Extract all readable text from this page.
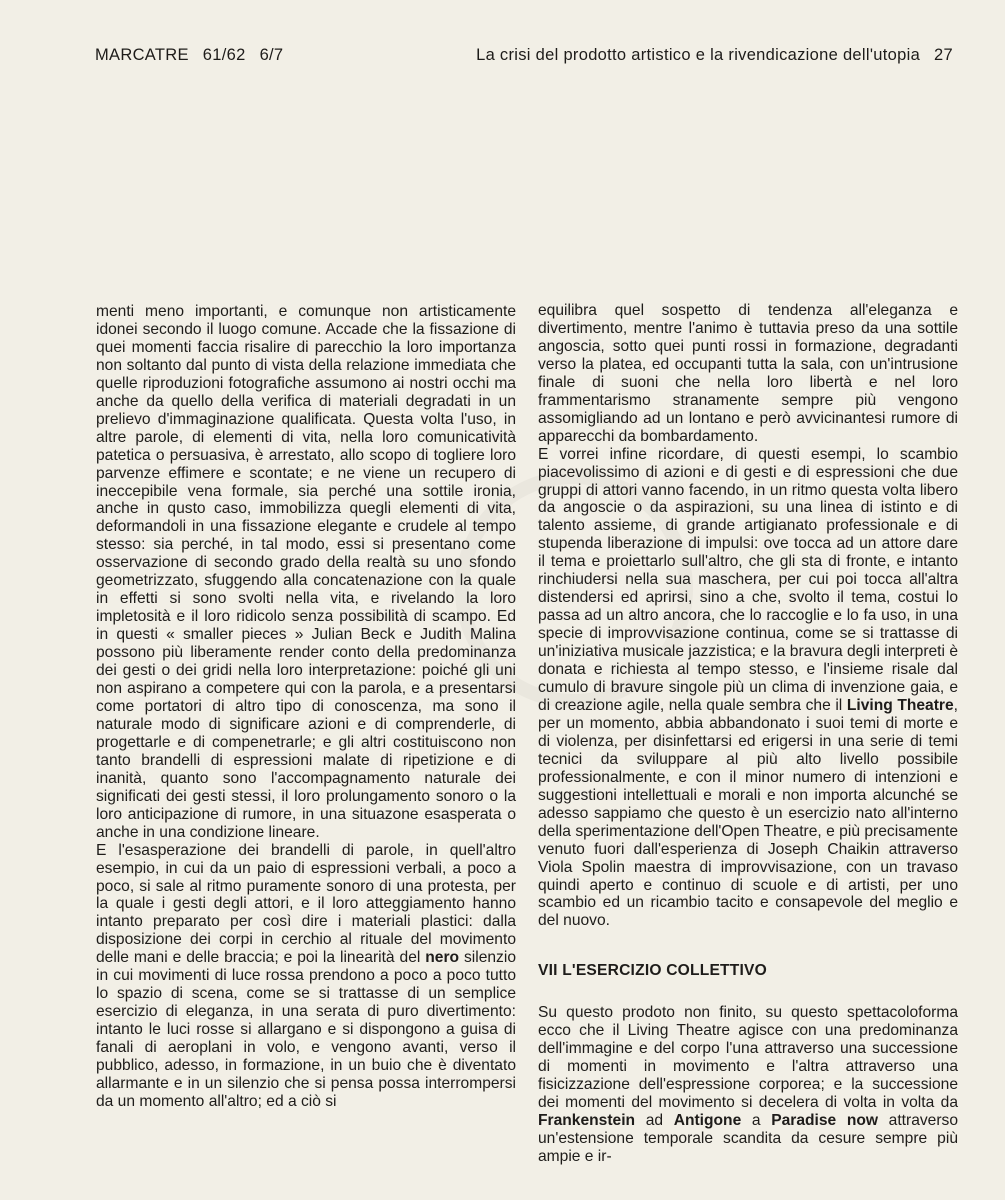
MARCATRE 61/62 6/7	La crisi del prodotto artistico e la rivendicazione dell'utopia 27

menti meno importanti, e comunque non artisticamente idonei secondo il luogo comune. Accade che la fissazione di quei momenti faccia risalire di parecchio la loro importanza non soltanto dal punto di vista della relazione immediata che quelle riproduzioni fotografiche assumono ai nostri occhi ma anche da quello della verifica di materiali degradati in un prelievo d'immaginazione qualificata. Questa volta l'uso, in altre parole, di elementi di vita, nella loro comunicatività patetica o persuasiva, è arrestato, allo scopo di togliere loro parvenze effimere e scontate; e ne viene un recupero di ineccepibile vena formale, sia perché una sottile ironia, anche in qusto caso, immobilizza quegli elementi di vita, deformandoli in una fissazione elegante e crudele al tempo stesso: sia perché, in tal modo, essi si presentano come osservazione di secondo grado della realtà su uno sfondo geometrizzato, sfuggendo alla concatenazione con la quale in effetti si sono svolti nella vita, e rivelando la loro impletosità e il loro ridicolo senza possibilità di scampo. Ed in questi « smaller pieces » Julian Beck e Judith Malina possono più liberamente render conto della predominanza dei gesti o dei gridi nella loro interpretazione: poiché gli uni non aspirano a competere qui con la parola, e a presentarsi come portatori di altro tipo di conoscenza, ma sono il naturale modo di significare azioni e di comprenderle, di progettarle e di compenetrarle; e gli altri costituiscono non tanto brandelli di espressioni malate di ripetizione e di inanità, quanto sono l'accompagnamento naturale dei significati dei gesti stessi, il loro prolungamento sonoro o la loro anticipazione di rumore, in una situazone esasperata o anche in una condizione lineare.

E l'esasperazione dei brandelli di parole, in quell'altro esempio, in cui da un paio di espressioni verbali, a poco a poco, si sale al ritmo puramente sonoro di una protesta, per la quale i gesti degli attori, e il loro atteggiamento hanno intanto preparato per così dire i materiali plastici: dalla disposizione dei corpi in cerchio al rituale del movimento delle mani e delle braccia; e poi la linearità del nero silenzio in cui movimenti di luce rossa prendono a poco a poco tutto lo spazio di scena, come se si trattasse di un semplice esercizio di eleganza, in una serata di puro divertimento: intanto le luci rosse si allargano e si dispongono a guisa di fanali di aeroplani in volo, e vengono avanti, verso il pubblico, adesso, in formazione, in un buio che è diventato allarmante e in un silenzio che si pensa possa interrompersi da un momento all'altro; ed a ciò si

equilibra quel sospetto di tendenza all'eleganza e divertimento, mentre l'animo è tuttavia preso da una sottile angoscia, sotto quei punti rossi in formazione, degradanti verso la platea, ed occupanti tutta la sala, con un'intrusione finale di suoni che nella loro libertà e nel loro frammentarismo stranamente sempre più vengono assomigliando ad un lontano e però avvicinantesi rumore di apparecchi da bombardamento.

E vorrei infine ricordare, di questi esempi, lo scambio piacevolissimo di azioni e di gesti e di espressioni che due gruppi di attori vanno facendo, in un ritmo questa volta libero da angoscie o da aspirazioni, su una linea di istinto e di talento assieme, di grande artigianato professionale e di stupenda liberazione di impulsi: ove tocca ad un attore dare il tema e proiettarlo sull'altro, che gli sta di fronte, e intanto rinchiudersi nella sua maschera, per cui poi tocca all'altra distendersi ed aprirsi, sino a che, svolto il tema, costui lo passa ad un altro ancora, che lo raccoglie e lo fa uso, in una specie di improvvisazione continua, come se si trattasse di un'iniziativa musicale jazzistica; e la bravura degli interpreti è donata e richiesta al tempo stesso, e l'insieme risale dal cumulo di bravure singole più un clima di invenzione gaia, e di creazione agile, nella quale sembra che il Living Theatre, per un momento, abbia abbandonato i suoi temi di morte e di violenza, per disinfettarsi ed erigersi in una serie di temi tecnici da sviluppare al più alto livello possibile professionalmente, e con il minor numero di intenzioni e suggestioni intellettuali e morali e non importa alcunché se adesso sappiamo che questo è un esercizio nato all'interno della sperimentazione dell'Open Theatre, e più precisamente venuto fuori dall'esperienza di Joseph Chaikin attraverso Viola Spolin maestra di improvvisazione, con un travaso quindi aperto e continuo di scuole e di artisti, per uno scambio ed un ricambio tacito e consapevole del meglio e del nuovo.

VII L'ESERCIZIO COLLETTIVO

Su questo prodoto non finito, su questo spettacoloforma ecco che il Living Theatre agisce con una predominanza dell'immagine e del corpo l'una attraverso una successione di momenti in movimento e l'altra attraverso una fisicizzazione dell'espressione corporea; e la successione dei momenti del movimento si decelera di volta in volta da Frankenstein ad Antigone a Paradise now attraverso un'estensione temporale scandita da cesure sempre più ampie e ir-
